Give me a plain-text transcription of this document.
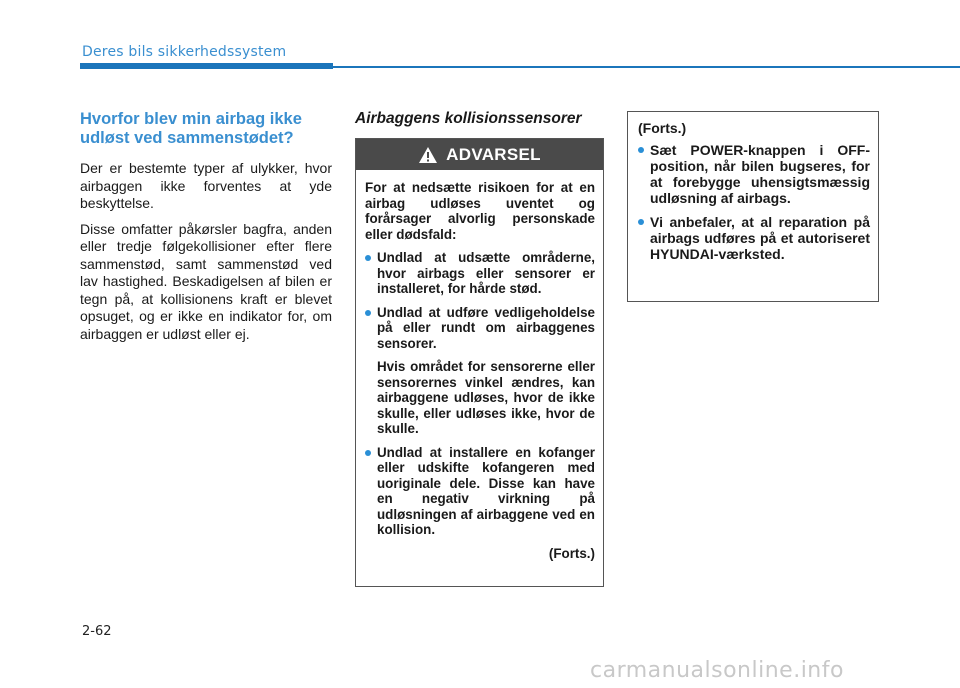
Deres bils sikkerhedssystem
Hvorfor blev min airbag ikke udløst ved sammenstødet?

Der er bestemte typer af ulykker, hvor airbaggen ikke forventes at yde beskyttelse.

Disse omfatter påkørsler bagfra, anden eller tredje følgekollisioner efter flere sammenstød, samt sammenstød ved lav hastighed. Beskadigelsen af bilen er tegn på, at kollisionens kraft er blevet opsuget, og er ikke en indikator for, om airbaggen er udløst eller ej.

Airbaggens kollisionssensorer
ADVARSEL

For at nedsætte risikoen for at en airbag udløses uventet og forårsager alvorlig personskade eller dødsfald:

Undlad at udsætte områderne, hvor airbags eller sensorer er installeret, for hårde stød.
Undlad at udføre vedligeholdelse på eller rundt om airbaggenes sensorer.

Hvis området for sensorerne eller sensorernes vinkel ændres, kan airbaggene udløses, hvor de ikke skulle, eller udløses ikke, hvor de skulle.

Undlad at installere en kofanger eller udskifte kofangeren med uoriginale dele. Disse kan have en negativ virkning på udløsningen af airbaggene ved en kollision.
(Forts.)

(Forts.)

Sæt POWER-knappen i OFF-position, når bilen bugseres, for at forebygge uhensigtsmæssig udløsning af airbags.
Vi anbefaler, at al reparation på airbags udføres på et autoriseret HYUNDAI-værksted.
2-62
carmanualsonline.info
